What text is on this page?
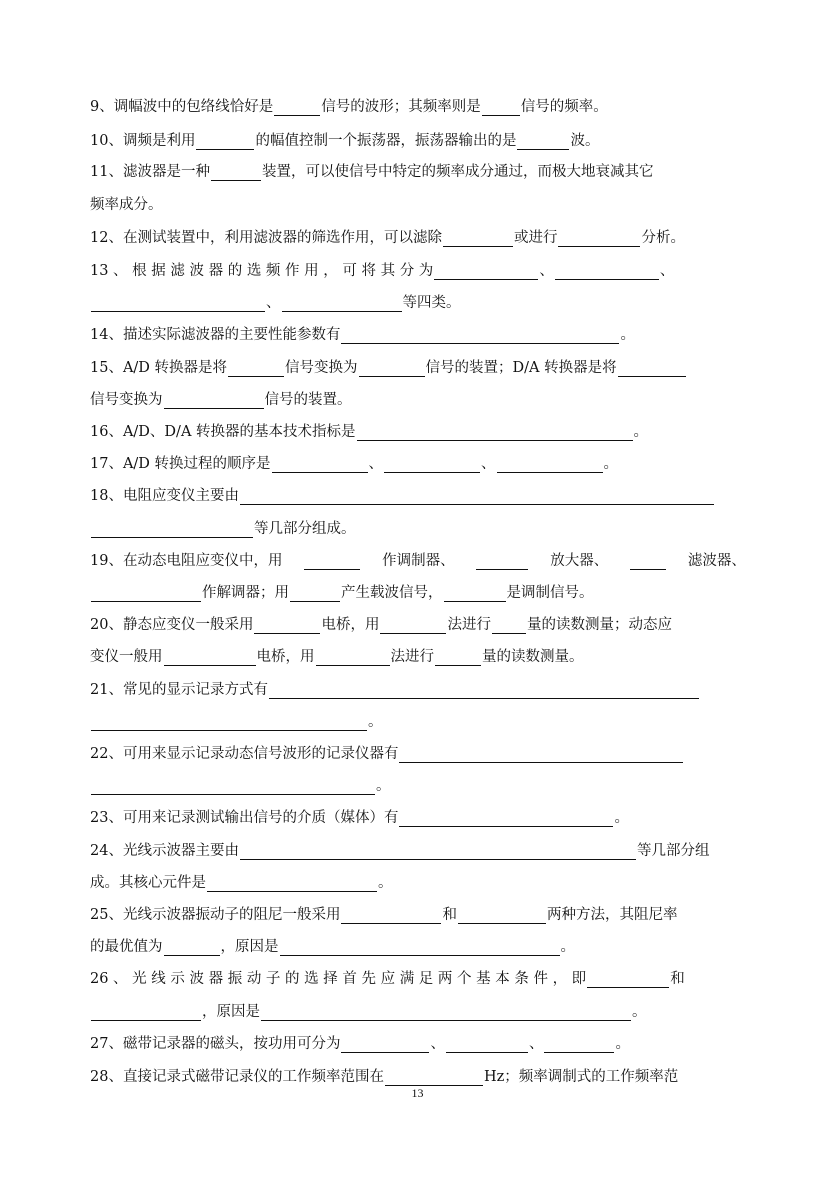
9、调幅波中的包络线恰好是	信号的波形；其频率则是	信号的频率。
10、调频是利用	的幅值控制一个振荡器，振荡器输出的是	波。
11、滤波器是一种	装置，可以使信号中特定的频率成分通过，而极大地衰减其它
频率成分。
12、在测试装置中，利用滤波器的筛选作用，可以滤除	或进行	分析。
13 、 根 据 滤 波 器 的 选 频 作 用 ， 可 将 其 分 为	、	、
、	等四类。
14、描述实际滤波器的主要性能参数有	。
15、A/D 转换器是将	信号变换为	信号的装置；D/A 转换器是将
信号变换为	信号的装置。
16、A/D、D/A 转换器的基本技术指标是	。
17、A/D 转换过程的顺序是	、	、	。
18、电阻应变仪主要由
等几部分组成。
19、在动态电阻应变仪中，用	作调制器、	放大器、	滤波器、
作解调器；用	产生载波信号，	是调制信号。
20、静态应变仪一般采用	电桥，用	法进行 量的读数测量；动态应
变仪一般用	电桥，用	法进行	量的读数测量。
21、常见的显示记录方式有
。
22、可用来显示记录动态信号波形的记录仪器有
。
23、可用来记录测试输出信号的介质（媒体）有	。
24、光线示波器主要由	等几部分组
成。其核心元件是	。
25、光线示波器振动子的阻尼一般采用	和	两种方法，其阻尼率
的最优值为	，原因是	。
26 、 光 线 示 波 器 振 动 子 的 选 择 首 先 应 满 足 两 个 基 本 条 件 ， 即	和
，原因是	。
27、磁带记录器的磁头，按功用可分为	、	、	。
28、直接记录式磁带记录仪的工作频率范围在	Hz；频率调制式的工作频率范
13
